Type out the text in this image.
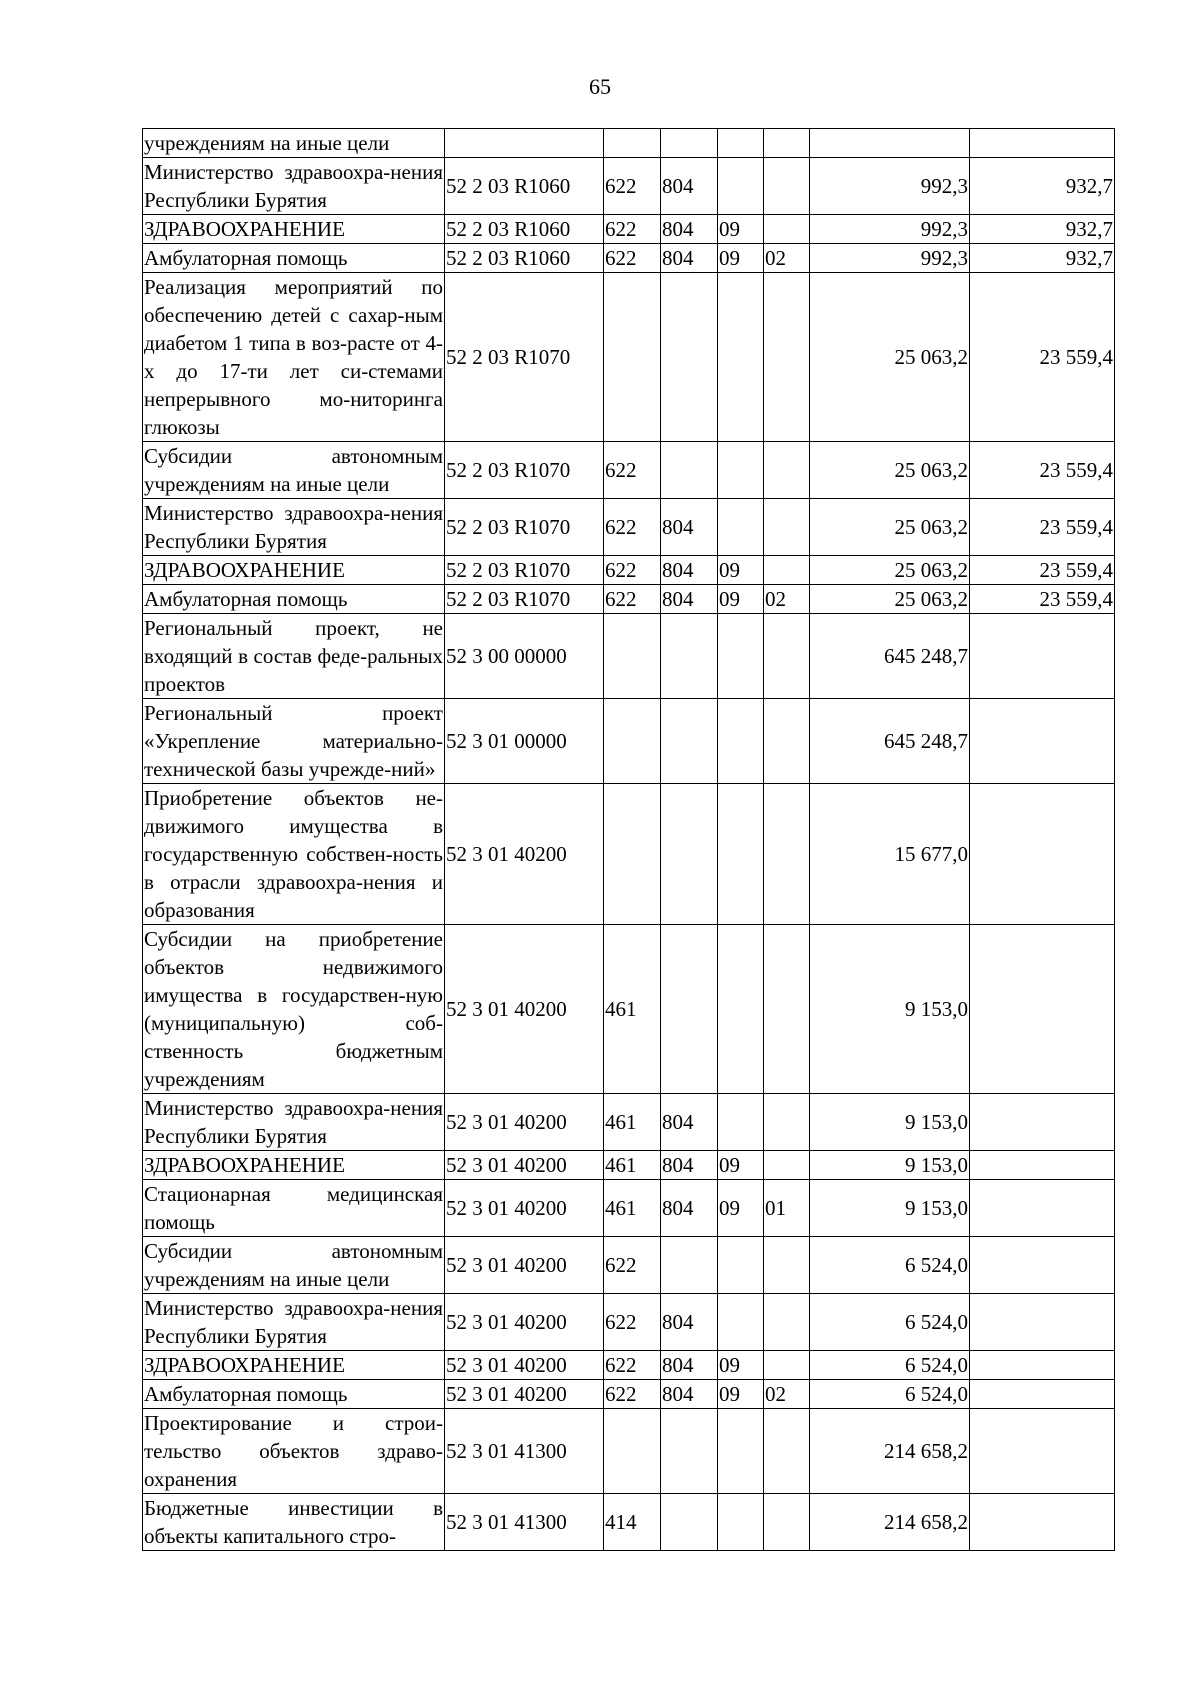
65
учреждениям на иные цели							
Министерство здравоохра-нения Республики Бурятия	52 2 03 R1060	622	804			992,3	932,7
ЗДРАВООХРАНЕНИЕ	52 2 03 R1060	622	804	09		992,3	932,7
Амбулаторная помощь	52 2 03 R1060	622	804	09	02	992,3	932,7
Реализация мероприятий по обеспечению детей с сахар-ным диабетом 1 типа в воз-расте от 4-х до 17-ти лет си-стемами непрерывного мо-ниторинга глюкозы	52 2 03 R1070					25 063,2	23 559,4
Субсидии автономным учреждениям на иные цели	52 2 03 R1070	622				25 063,2	23 559,4
Министерство здравоохра-нения Республики Бурятия	52 2 03 R1070	622	804			25 063,2	23 559,4
ЗДРАВООХРАНЕНИЕ	52 2 03 R1070	622	804	09		25 063,2	23 559,4
Амбулаторная помощь	52 2 03 R1070	622	804	09	02	25 063,2	23 559,4
Региональный проект, не входящий в состав феде-ральных проектов	52 3 00 00000					645 248,7	
Региональный проект «Укрепление материально-технической базы учрежде-ний»	52 3 01 00000					645 248,7	
Приобретение объектов не-движимого имущества в государственную собствен-ность в отрасли здравоохра-нения и образования	52 3 01 40200					15 677,0	
Субсидии на приобретение объектов недвижимого имущества в государствен-ную (муниципальную) соб-ственность бюджетным учреждениям	52 3 01 40200	461				9 153,0	
Министерство здравоохра-нения Республики Бурятия	52 3 01 40200	461	804			9 153,0	
ЗДРАВООХРАНЕНИЕ	52 3 01 40200	461	804	09		9 153,0	
Стационарная медицинская помощь	52 3 01 40200	461	804	09	01	9 153,0	
Субсидии автономным учреждениям на иные цели	52 3 01 40200	622				6 524,0	
Министерство здравоохра-нения Республики Бурятия	52 3 01 40200	622	804			6 524,0	
ЗДРАВООХРАНЕНИЕ	52 3 01 40200	622	804	09		6 524,0	
Амбулаторная помощь	52 3 01 40200	622	804	09	02	6 524,0	
Проектирование и строи-тельство объектов здраво-охранения	52 3 01 41300					214 658,2	
Бюджетные инвестиции в объекты капитального стро-	52 3 01 41300	414				214 658,2	
